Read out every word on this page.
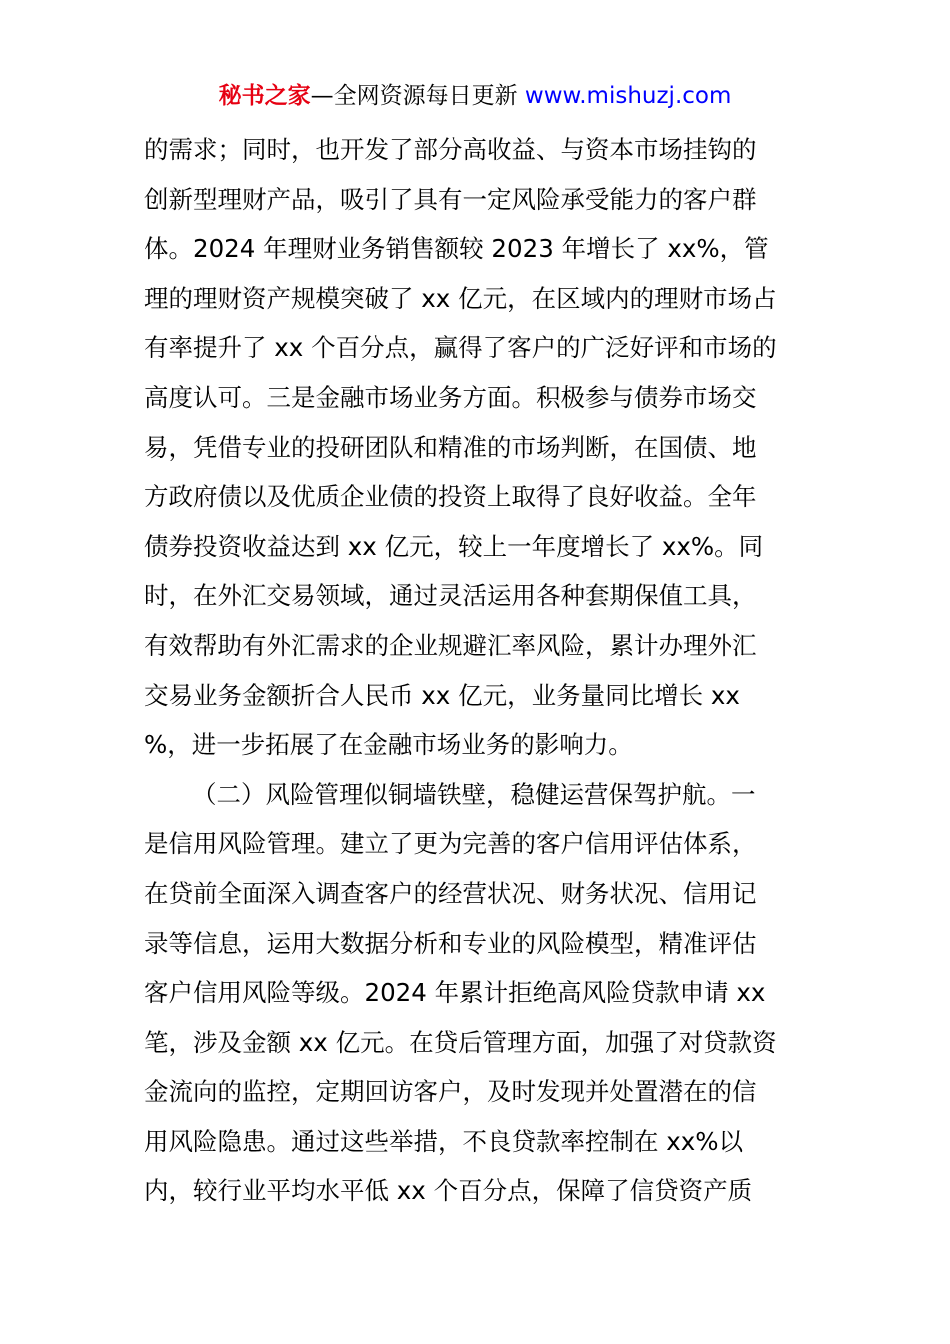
秘书之家—全网资源每日更新 www.mishuzj.com
的需求；同时，也开发了部分高收益、与资本市场挂钩的
创新型理财产品，吸引了具有一定风险承受能力的客户群
体。2024 年理财业务销售额较 2023 年增长了 xx%，管
理的理财资产规模突破了 xx 亿元，在区域内的理财市场占
有率提升了 xx 个百分点，赢得了客户的广泛好评和市场的
高度认可。三是金融市场业务方面。积极参与债券市场交
易，凭借专业的投研团队和精准的市场判断，在国债、地
方政府债以及优质企业债的投资上取得了良好收益。全年
债券投资收益达到 xx 亿元，较上一年度增长了 xx%。同
时，在外汇交易领域，通过灵活运用各种套期保值工具，
有效帮助有外汇需求的企业规避汇率风险，累计办理外汇
交易业务金额折合人民币 xx 亿元，业务量同比增长 xx
%，进一步拓展了在金融市场业务的影响力。
（二）风险管理似铜墙铁壁，稳健运营保驾护航。一
是信用风险管理。建立了更为完善的客户信用评估体系，
在贷前全面深入调查客户的经营状况、财务状况、信用记
录等信息，运用大数据分析和专业的风险模型，精准评估
客户信用风险等级。2024 年累计拒绝高风险贷款申请 xx
笔，涉及金额 xx 亿元。在贷后管理方面，加强了对贷款资
金流向的监控，定期回访客户，及时发现并处置潜在的信
用风险隐患。通过这些举措，不良贷款率控制在 xx%以
内，较行业平均水平低 xx 个百分点，保障了信贷资产质
